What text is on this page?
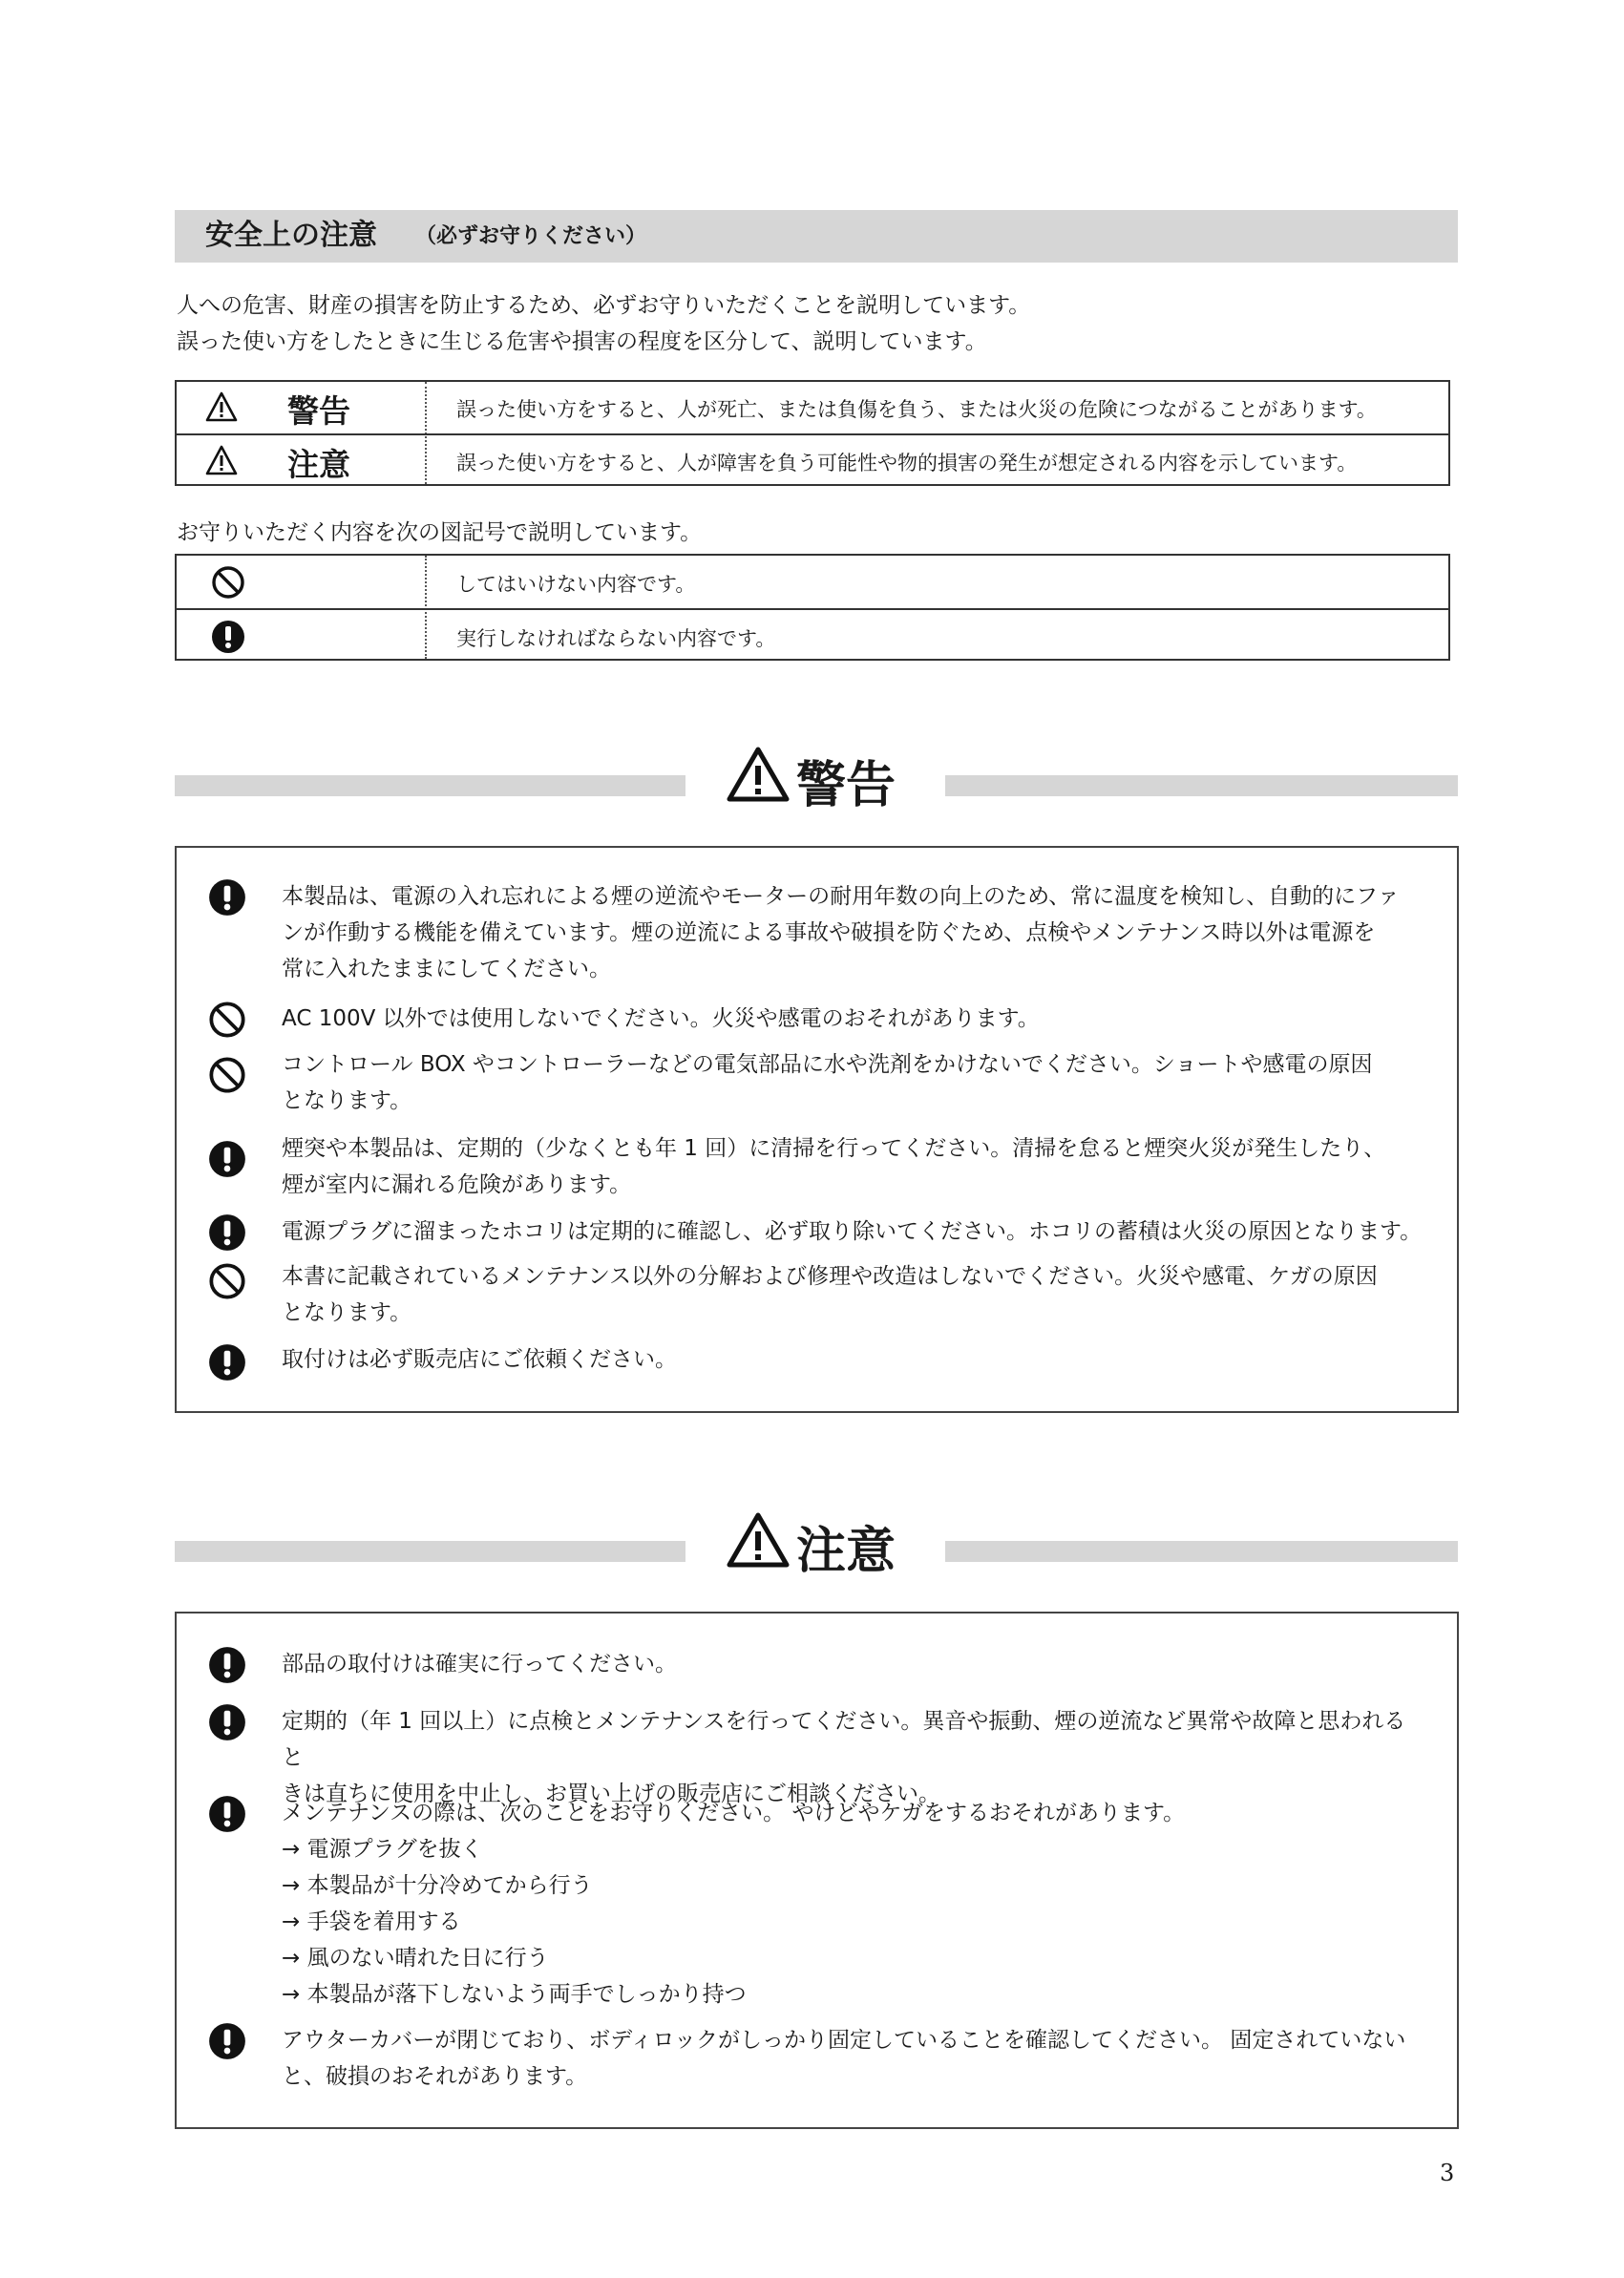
安全上の注意 （必ずお守りください）
人への危害、財産の損害を防止するため、必ずお守りいただくことを説明しています。
誤った使い方をしたときに生じる危害や損害の程度を区分して、説明しています。
警告	誤った使い方をすると、人が死亡、または負傷を負う、または火災の危険につながることがあります。
注意	誤った使い方をすると、人が障害を負う可能性や物的損害の発生が想定される内容を示しています。
お守りいただく内容を次の図記号で説明しています。
してはいけない内容です。
実行しなければならない内容です。
警告
本製品は、電源の入れ忘れによる煙の逆流やモーターの耐用年数の向上のため、常に温度を検知し、自動的にファ
ンが作動する機能を備えています。煙の逆流による事故や破損を防ぐため、点検やメンテナンス時以外は電源を
常に入れたままにしてください。
AC 100V 以外では使用しないでください。火災や感電のおそれがあります。
コントロール BOX やコントローラーなどの電気部品に水や洗剤をかけないでください。ショートや感電の原因
となります。
煙突や本製品は、定期的（少なくとも年 1 回）に清掃を行ってください。清掃を怠ると煙突火災が発生したり、
煙が室内に漏れる危険があります。
電源プラグに溜まったホコリは定期的に確認し、必ず取り除いてください。ホコリの蓄積は火災の原因となります。
本書に記載されているメンテナンス以外の分解および修理や改造はしないでください。火災や感電、ケガの原因
となります。
取付けは必ず販売店にご依頼ください。
注意
部品の取付けは確実に行ってください。
定期的（年 1 回以上）に点検とメンテナンスを行ってください。異音や振動、煙の逆流など異常や故障と思われると
きは直ちに使用を中止し、お買い上げの販売店にご相談ください。
メンテナンスの際は、次のことをお守りください。 やけどやケガをするおそれがあります。
→ 電源プラグを抜く
→ 本製品が十分冷めてから行う
→ 手袋を着用する
→ 風のない晴れた日に行う
→ 本製品が落下しないよう両手でしっかり持つ
アウターカバーが閉じており、ボディロックがしっかり固定していることを確認してください。 固定されていない
と、破損のおそれがあります。
3
